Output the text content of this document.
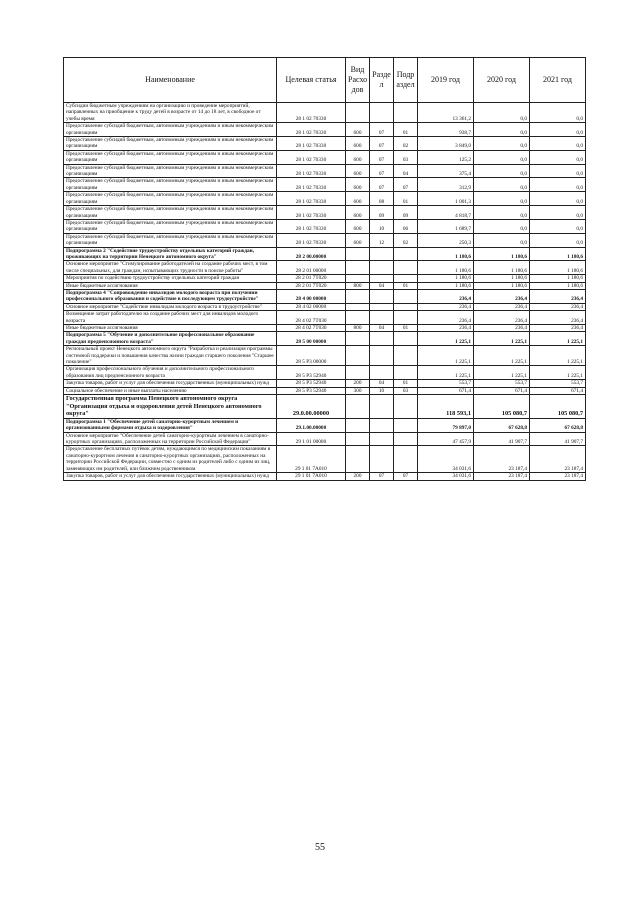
Наименование	Целевая статья	Вид Расхо дов	Разде л	Подр аздел	2019 год	2020 год	2021 год
Субсидии бюджетным учреждениям на организацию и проведение мероприятий, направленных на приобщение к труду детей в возрасте от 14 до 18 лет, в свободное от учебы время	28 1 02 70330				13 361,2	0,0	0,0
Предоставление субсидий бюджетным, автономным учреждениям и иным некоммерческим организациям	28 1 02 70330	600	07	01	938,7	0,0	0,0
Предоставление субсидий бюджетным, автономным учреждениям и иным некоммерческим организациям	28 1 02 70330	600	07	02	3 849,0	0,0	0,0
Предоставление субсидий бюджетным, автономным учреждениям и иным некоммерческим организациям	28 1 02 70330	600	07	03	125,2	0,0	0,0
Предоставление субсидий бюджетным, автономным учреждениям и иным некоммерческим организациям	28 1 02 70330	600	07	04	375,4	0,0	0,0
Предоставление субсидий бюджетным, автономным учреждениям и иным некоммерческим организациям	28 1 02 70330	600	07	07	312,9	0,0	0,0
Предоставление субсидий бюджетным, автономным учреждениям и иным некоммерческим организациям	28 1 02 70330	600	08	01	1 001,3	0,0	0,0
Предоставление субсидий бюджетным, автономным учреждениям и иным некоммерческим организациям	28 1 02 70330	600	09	09	4 818,7	0,0	0,0
Предоставление субсидий бюджетным, автономным учреждениям и иным некоммерческим организациям	28 1 02 70330	600	10	06	1 689,7	0,0	0,0
Предоставление субсидий бюджетным, автономным учреждениям и иным некоммерческим организациям	28 1 02 70330	600	12	02	250,3	0,0	0,0
Подпрограмма 2 "Содействие трудоустройству отдельных категорий граждан, проживающих на территории Ненецкого автономного округа"	28 2 00.00000				1 180,6	1 180,6	1 180,6
Основное мероприятие "Стимулирование работодателей на создание рабочих мест, в том числе специальных, для граждан, испытывающих трудности в поиске работы"	28 2 01 00000				1 180,6	1 180,6	1 180,6
Мероприятия по содействию трудоустройству отдельных категорий граждан	28 2 01 7Т020				1 180,6	1 180,6	1 180,6
Иные бюджетные ассигнования	28 2 01 7Т020	800	04	01	1 180,6	1 180,6	1 180,6
Подпрограмма 4 "Сопровождение инвалидов молодого возраста при получении профессионального образования и содействие в последующем трудоустройстве"	28 4 00 00000				236,4	236,4	236,4
Основное мероприятие "Содействие инвалидам молодого возраста в трудоустройстве"	28 4 02 00000				236,4	236,4	236,4
Возмещение затрат работодателю на создание рабочих мест для инвалидов молодого возраста	28 4 02 7Т030				236,4	236,4	236,4
Иные бюджетные ассигнования	28 4 02 7Т030	800	04	01	236,4	236,4	236,4
Подпрограмма 5 "Обучение и дополнительное профессиональное образование граждан предпенсионного возраста"	28 5 00 00000				1 225,1	1 225,1	1 225,1
Региональный проект Ненецкого автономного округа "Разработка и реализация программы системной поддержки и повышения качества жизни граждан старшего поколения "Старшее поколение"	28 5 P3 00000				1 225,1	1 225,1	1 225,1
Организация профессионального обучения и дополнительного профессионального образования лиц предпенсионного возраста	28 5 P3 52940				1 225,1	1 225,1	1 225,1
Закупка товаров, работ и услуг для обеспечения государственных (муниципальных) нужд	28 5 P3 52940	200	04	01	553,7	553,7	553,7
Социальное обеспечение и иные выплаты населению	28 5 P3 52940	300	10	03	671,4	671,4	671,4
Государственная программа Ненецкого автономного округа "Организация отдыха и оздоровления детей Ненецкого автономного округа"	29.0.00.00000				118 593,1	105 080,7	105 080,7
Подпрограмма 1 "Обеспечение детей санаторно-курортным лечением и организованными формами отдыха и оздоровления"	29.1.00.00000				79 897,0	67 628,8	67 628,8
Основное мероприятие "Обеспечение детей санаторно-курортным лечением в санаторно-курортных организациях, расположенных на территории Российской Федерации"	29 1 01 00000				47 457,9	41 907,7	41 907,7
Предоставление бесплатных путёвок детям, нуждающимся по медицинским показаниям в санаторно-курортном лечении в санаторно-курортных организациях, расположенных на территории Российской Федерации, совместно с одним из родителей либо с одним из лиц, заменяющих им родителей, или ближним родственником	29 1 01 7А010				34 031,6	23 187,4	23 187,4
Закупка товаров, работ и услуг для обеспечения государственных (муниципальных) нужд	29 1 01 7А010	200	07	07	34 031,6	23 187,4	23 187,4
55
